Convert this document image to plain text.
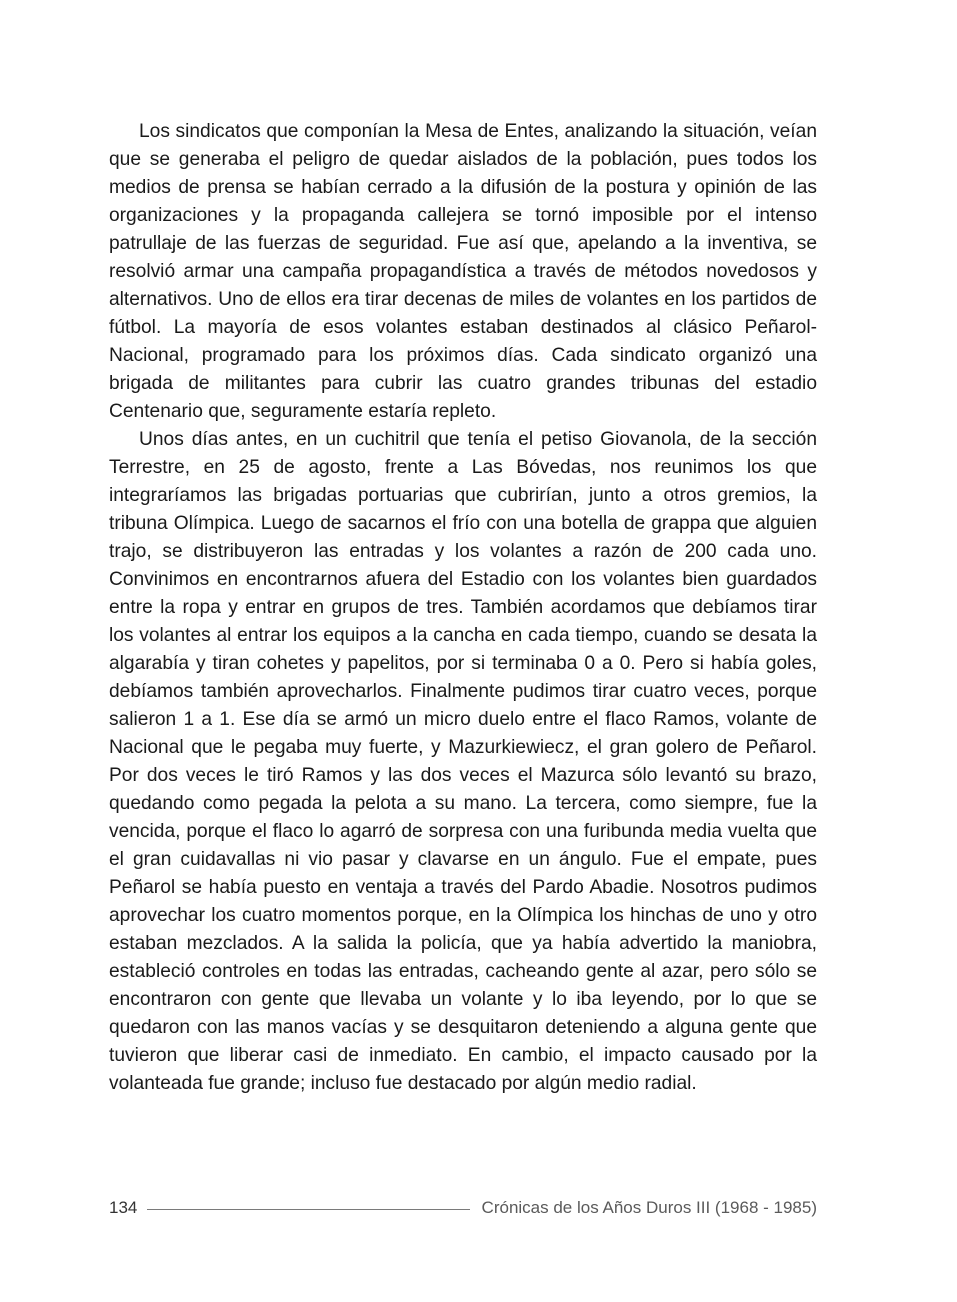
Los sindicatos que componían la Mesa de Entes, analizando la situación, veían que se generaba el peligro de quedar aislados de la población, pues todos los medios de prensa se habían cerrado a la difusión de la postura y opinión de las organizaciones y la propaganda callejera se tornó imposible por el intenso patrullaje de las fuerzas de seguridad. Fue así que, apelando a la inventiva, se resolvió armar una campaña propagandística a través de métodos novedosos y alternativos. Uno de ellos era tirar decenas de miles de volantes en los partidos de fútbol. La mayoría de esos volantes estaban destinados al clásico Peñarol-Nacional, programado para los próximos días. Cada sindicato organizó una brigada de militantes para cubrir las cuatro grandes tribunas del estadio Centenario que, seguramente estaría repleto.

Unos días antes, en un cuchitril que tenía el petiso Giovanola, de la sección Terrestre, en 25 de agosto, frente a Las Bóvedas, nos reunimos los que integraríamos las brigadas portuarias que cubrirían, junto a otros gremios, la tribuna Olímpica. Luego de sacarnos el frío con una botella de grappa que alguien trajo, se distribuyeron las entradas y los volantes a razón de 200 cada uno. Convinimos en encontrarnos afuera del Estadio con los volantes bien guardados entre la ropa y entrar en grupos de tres. También acordamos que debíamos tirar los volantes al entrar los equipos a la cancha en cada tiempo, cuando se desata la algarabía y tiran cohetes y papelitos, por si terminaba 0 a 0. Pero si había goles, debíamos también aprovecharlos. Finalmente pudimos tirar cuatro veces, porque salieron 1 a 1. Ese día se armó un micro duelo entre el flaco Ramos, volante de Nacional que le pegaba muy fuerte, y Mazurkiewiecz, el gran golero de Peñarol. Por dos veces le tiró Ramos y las dos veces el Mazurca sólo levantó su brazo, quedando como pegada la pelota a su mano. La tercera, como siempre, fue la vencida, porque el flaco lo agarró de sorpresa con una furibunda media vuelta que el gran cuidavallas ni vio pasar y clavarse en un ángulo. Fue el empate, pues Peñarol se había puesto en ventaja a través del Pardo Abadie. Nosotros pudimos aprovechar los cuatro momentos porque, en la Olímpica los hinchas de uno y otro estaban mezclados. A la salida la policía, que ya había advertido la maniobra, estableció controles en todas las entradas, cacheando gente al azar, pero sólo se encontraron con gente que llevaba un volante y lo iba leyendo, por lo que se quedaron con las manos vacías y se desquitaron deteniendo a alguna gente que tuvieron que liberar casi de inmediato. En cambio, el impacto causado por la volanteada fue grande; incluso fue destacado por algún medio radial.

134	Crónicas de los Años Duros III (1968 - 1985)
